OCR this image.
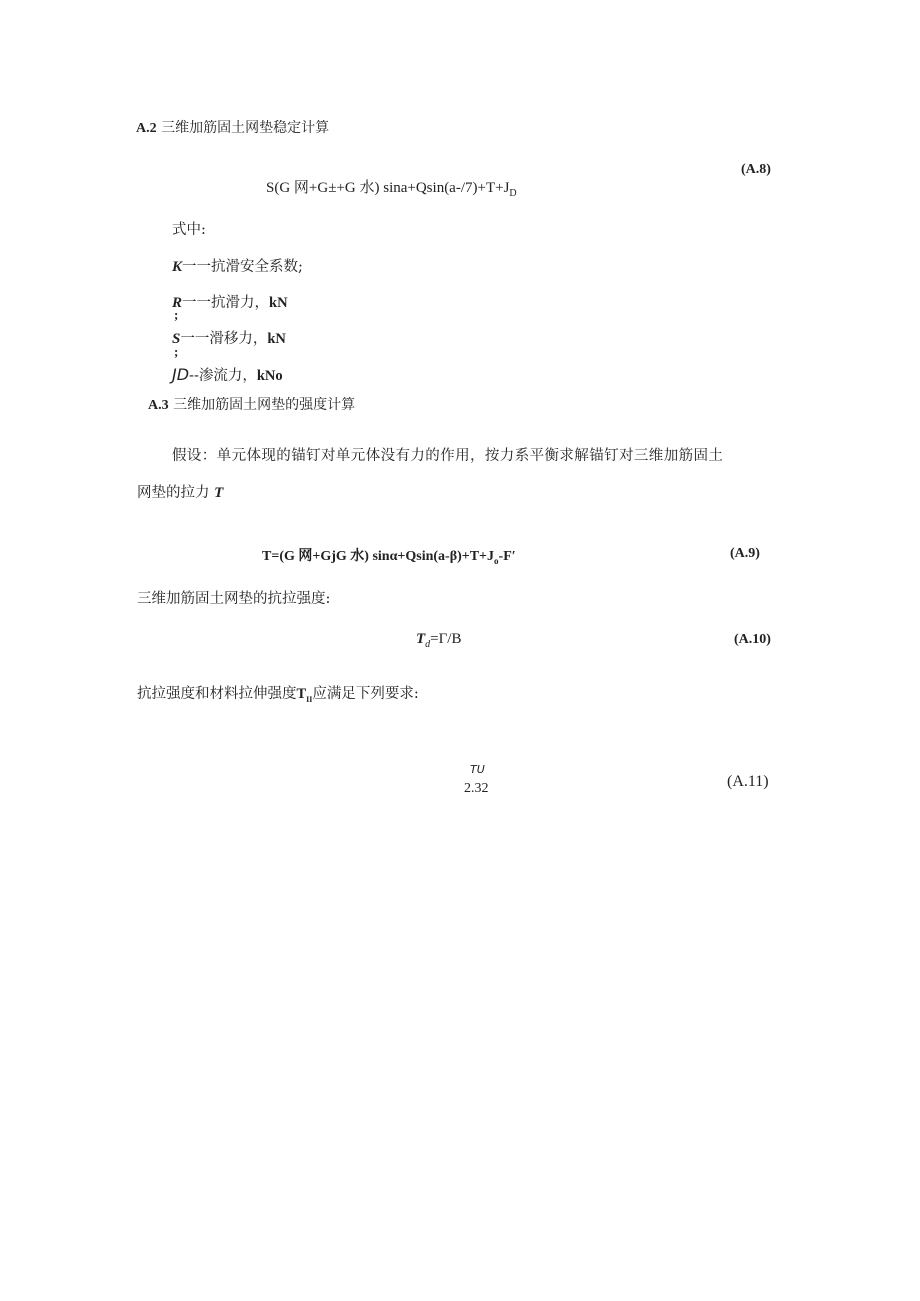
A.2 三维加筋固土网垫稳定计算
S(G 网+G±+G 水) $\sin a+Qsin(a-/7)+T+J_D$
(A.8)
式中:
K一一抗滑安全系数;
R一一抗滑力，kN
;
S一一滑移力，kN
;
JD--渗流力，kNo
A.3 三维加筋固土网垫的强度计算
假设：单元体现的锚钉对单元体没有力的作用，按力系平衡求解锚钉对三维加筋固土
网垫的拉力 T
T=(G 网+GjG 水) $\sin\alpha+Qsin(a-\beta)+T+J_o-F'$	(A.9)
三维加筋固土网垫的抗拉强度:
$T_d=\Gamma/B$	(A.10)
抗拉强度和材料拉伸强度$T_{II}$应满足下列要求:
TU
2.32	(A.11)
